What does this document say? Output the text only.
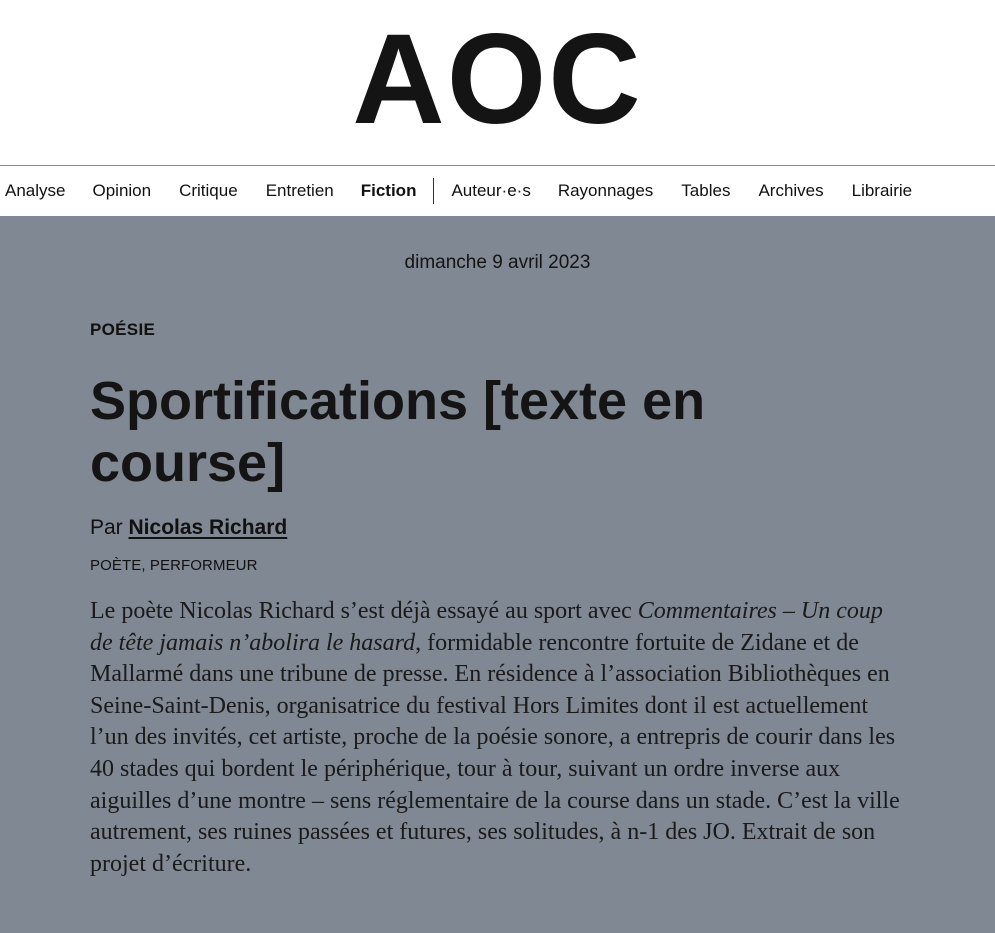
AOC
Analyse Opinion Critique Entretien Fiction Auteur·e·s Rayonnages Tables Archives Librairie
dimanche 9 avril 2023

POÉSIE

Sportifications [texte en course]
Par Nicolas Richard
POÈTE, PERFORMEUR

Le poète Nicolas Richard s’est déjà essayé au sport avec Commentaires – Un coup de tête jamais n’abolira le hasard, formidable rencontre fortuite de Zidane et de Mallarmé dans une tribune de presse. En résidence à l’association Bibliothèques en Seine-Saint-Denis, organisatrice du festival Hors Limites dont il est actuellement l’un des invités, cet artiste, proche de la poésie sonore, a entrepris de courir dans les 40 stades qui bordent le périphérique, tour à tour, suivant un ordre inverse aux aiguilles d’une montre – sens réglementaire de la course dans un stade. C’est la ville autrement, ses ruines passées et futures, ses solitudes, à n-1 des JO. Extrait de son projet d’écriture.
